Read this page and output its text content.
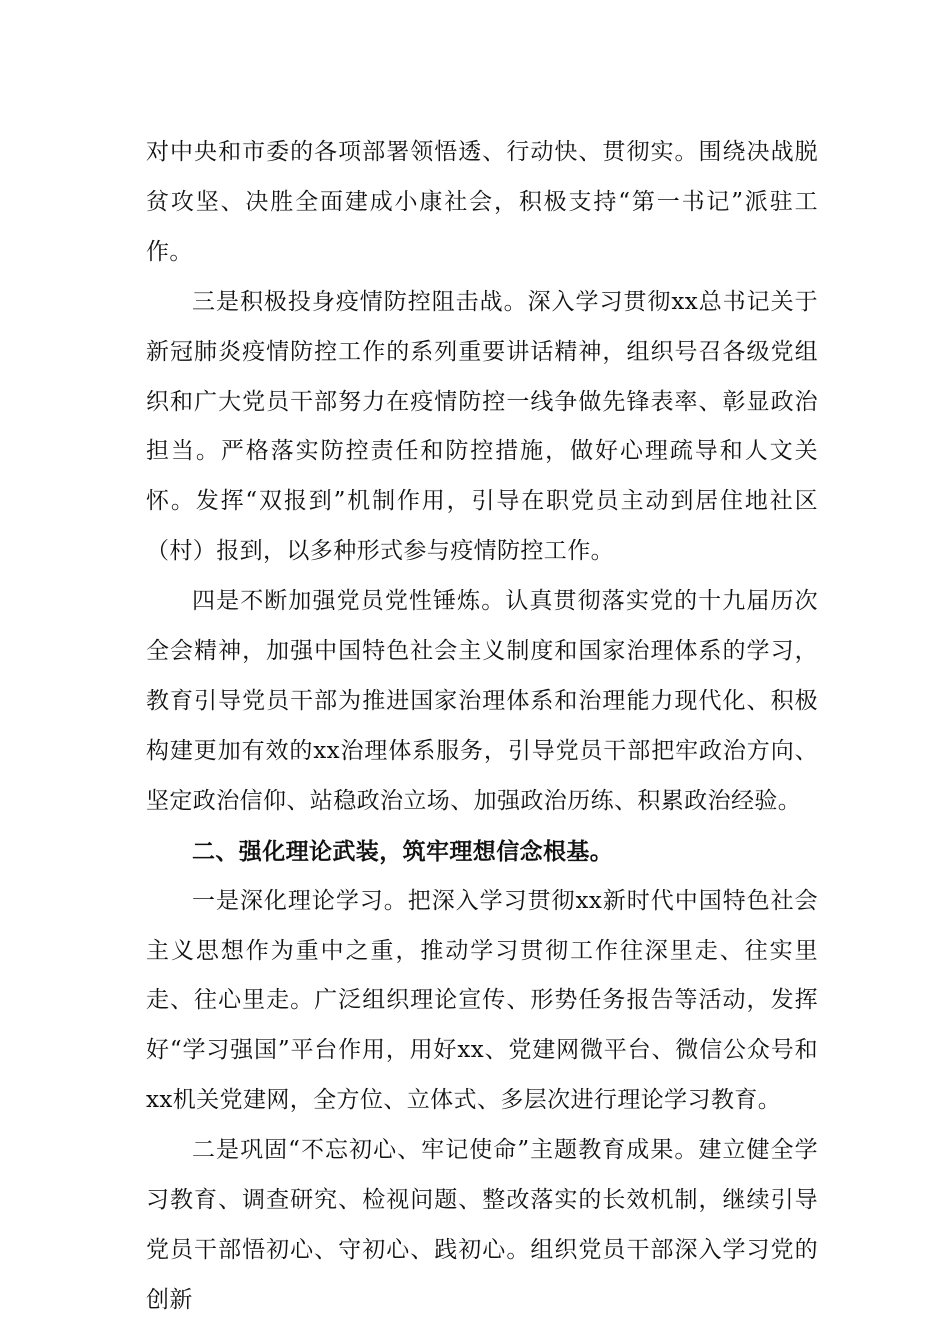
对中央和市委的各项部署领悟透、行动快、贯彻实。围绕决战脱贫攻坚、决胜全面建成小康社会，积极支持“第一书记”派驻工作。

三是积极投身疫情防控阻击战。深入学习贯彻xx总书记关于新冠肺炎疫情防控工作的系列重要讲话精神，组织号召各级党组织和广大党员干部努力在疫情防控一线争做先锋表率、彰显政治担当。严格落实防控责任和防控措施，做好心理疏导和人文关怀。发挥“双报到”机制作用，引导在职党员主动到居住地社区（村）报到，以多种形式参与疫情防控工作。

四是不断加强党员党性锤炼。认真贯彻落实党的十九届历次全会精神，加强中国特色社会主义制度和国家治理体系的学习，教育引导党员干部为推进国家治理体系和治理能力现代化、积极构建更加有效的xx治理体系服务，引导党员干部把牢政治方向、坚定政治信仰、站稳政治立场、加强政治历练、积累政治经验。

二、强化理论武装，筑牢理想信念根基。

一是深化理论学习。把深入学习贯彻xx新时代中国特色社会主义思想作为重中之重，推动学习贯彻工作往深里走、往实里走、往心里走。广泛组织理论宣传、形势任务报告等活动，发挥好“学习强国”平台作用，用好xx、党建网微平台、微信公众号和xx机关党建网，全方位、立体式、多层次进行理论学习教育。

二是巩固“不忘初心、牢记使命”主题教育成果。建立健全学习教育、调查研究、检视问题、整改落实的长效机制，继续引导党员干部悟初心、守初心、践初心。组织党员干部深入学习党的创新
